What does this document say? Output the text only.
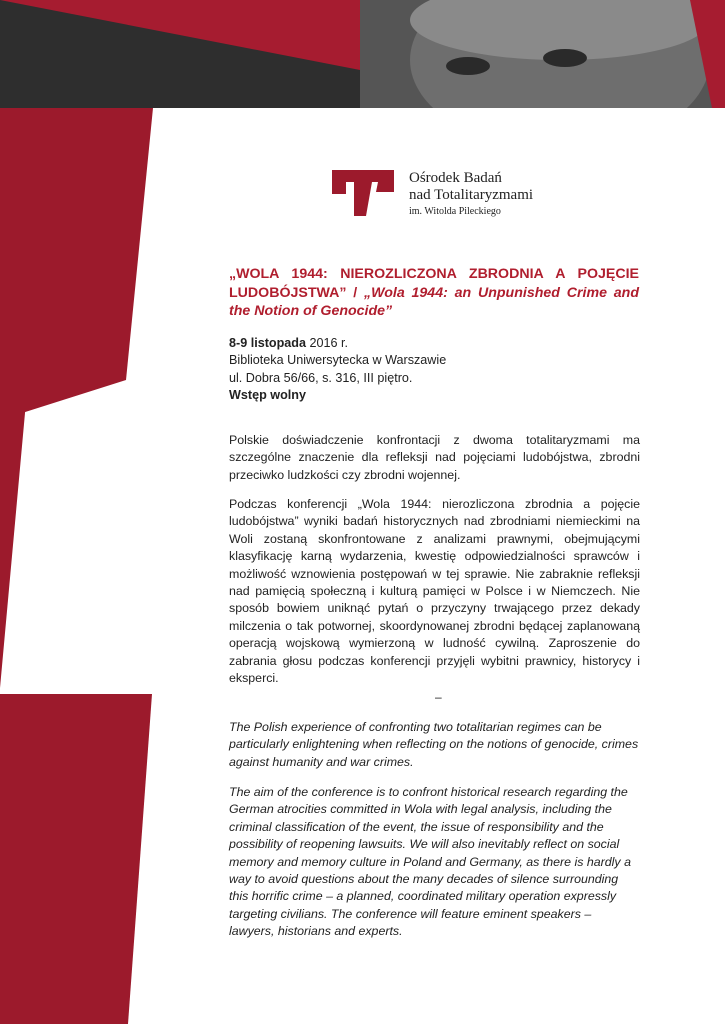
Ośrodek Badań
nad Totalitaryzmami
im. Witolda Pileckiego
„WOLA 1944: NIEROZLICZONA ZBRODNIA A POJĘCIE LUDOBÓJSTWA” / „Wola 1944: an Unpunished Crime and the Notion of Genocide”
8-9 listopada 2016 r.
Biblioteka Uniwersytecka w Warszawie
ul. Dobra 56/66, s. 316, III piętro.
Wstęp wolny

Polskie doświadczenie konfrontacji z dwoma totalitaryzmami ma szczególne znaczenie dla refleksji nad pojęciami ludobójstwa, zbrodni przeciwko ludzkości czy zbrodni wojennej.

Podczas konferencji „Wola 1944: nierozliczona zbrodnia a pojęcie ludobójstwa” wyniki badań historycznych nad zbrodniami niemieckimi na Woli zostaną skonfrontowane z analizami prawnymi, obejmującymi klasyfikację karną wydarzenia, kwestię odpowiedzialności sprawców i możliwość wznowienia postępowań w tej sprawie. Nie zabraknie refleksji nad pamięcią społeczną i kulturą pamięci w Polsce i w Niemczech. Nie sposób bowiem uniknąć pytań o przyczyny trwającego przez dekady milczenia o tak potwornej, skoordynowanej zbrodni będącej zaplanowaną operacją wojskową wymierzoną w ludność cywilną. Zaproszenie do zabrania głosu podczas konferencji przyjęli wybitni prawnicy, historycy i eksperci.

–

The Polish experience of confronting two totalitarian regimes can be particularly enlightening when reflecting on the notions of genocide, crimes against humanity and war crimes.

The aim of the conference is to confront historical research regarding the German atrocities committed in Wola with legal analysis, including the criminal classification of the event, the issue of responsibility and the possibility of reopening lawsuits. We will also inevitably reflect on social memory and memory culture in Poland and Germany, as there is hardly a way to avoid questions about the many decades of silence surrounding this horrific crime – a planned, coordinated military operation expressly targeting civilians. The conference will feature eminent speakers – lawyers, historians and experts.
